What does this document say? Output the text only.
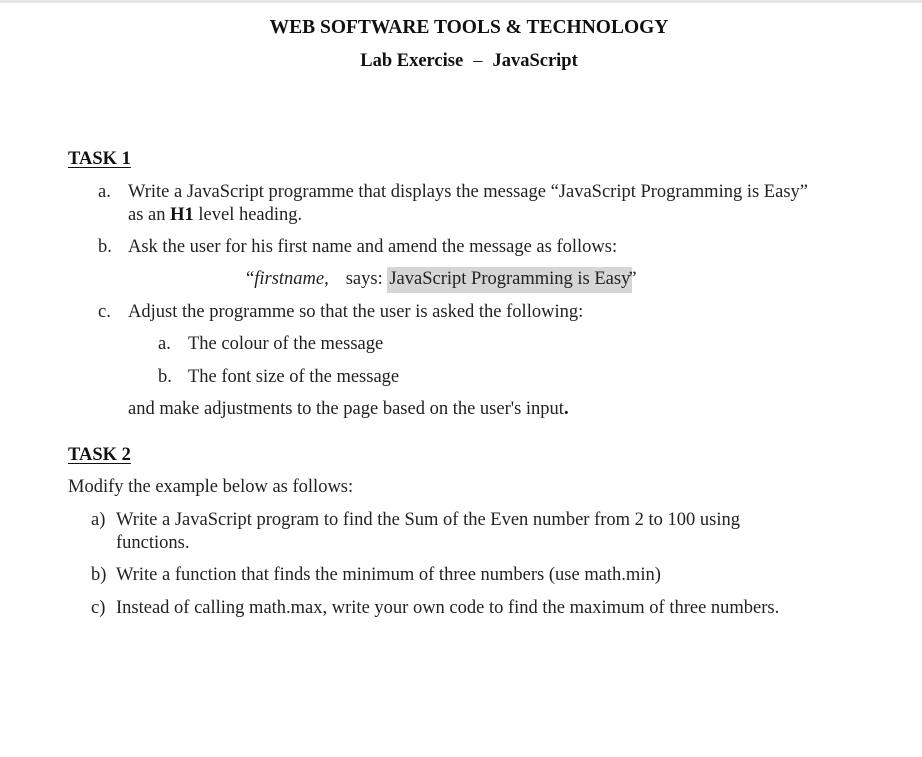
WEB SOFTWARE TOOLS & TECHNOLOGY
Lab Exercise – JavaScript
TASK 1
a. Write a JavaScript programme that displays the message “JavaScript Programming is Easy”
as an H1 level heading.
b. Ask the user for his first name and amend the message as follows:
“firstname, says: JavaScript Programming is Easy”
c. Adjust the programme so that the user is asked the following:
a. The colour of the message
b. The font size of the message
and make adjustments to the page based on the user's input.
TASK 2
Modify the example below as follows:
a) Write a JavaScript program to find the Sum of the Even number from 2 to 100 using
functions.
b) Write a function that finds the minimum of three numbers (use math.min)
c) Instead of calling math.max, write your own code to find the maximum of three numbers.
